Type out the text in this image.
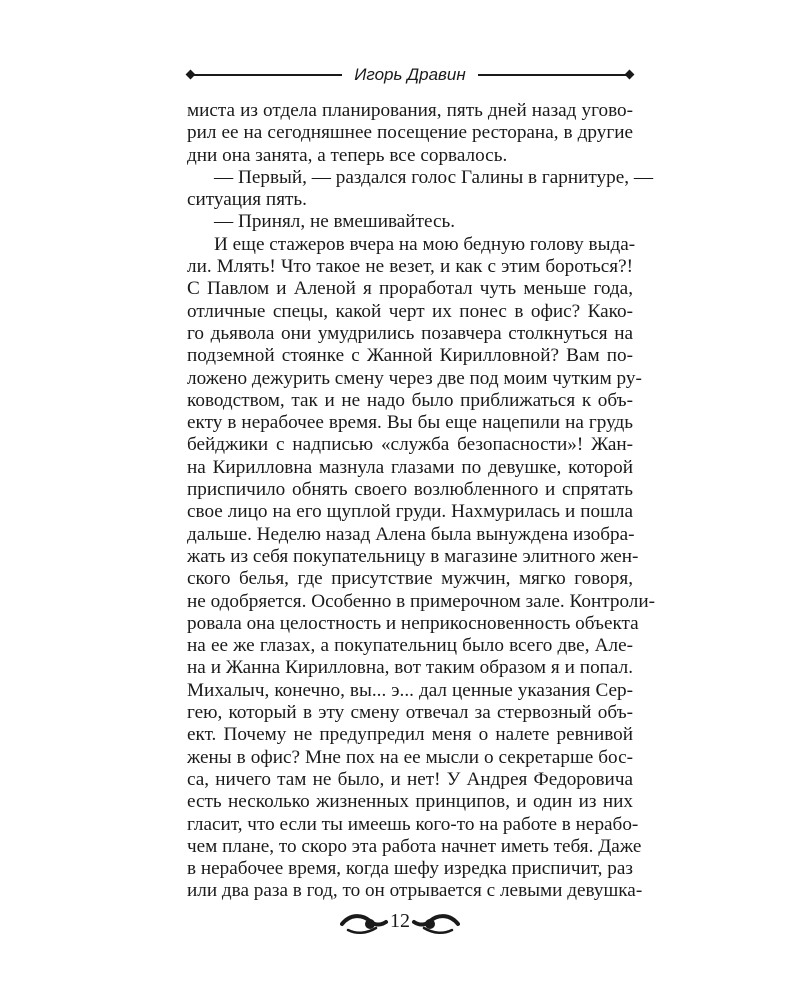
Игорь Дравин
миста из отдела планирования, пять дней назад угово-
рил ее на сегодняшнее посещение ресторана, в другие
дни она занята, а теперь все сорвалось.
— Первый, — раздался голос Галины в гарнитуре, —
ситуация пять.
— Принял, не вмешивайтесь.
И еще стажеров вчера на мою бедную голову выда-
ли. Млять! Что такое не везет, и как с этим бороться?!
С Павлом и Аленой я проработал чуть меньше года,
отличные спецы, какой черт их понес в офис? Како-
го дьявола они умудрились позавчера столкнуться на
подземной стоянке с Жанной Кирилловной? Вам по-
ложено дежурить смену через две под моим чутким ру-
ководством, так и не надо было приближаться к объ-
екту в нерабочее время. Вы бы еще нацепили на грудь
бейджики с надписью «служба безопасности»! Жан-
на Кирилловна мазнула глазами по девушке, которой
приспичило обнять своего возлюбленного и спрятать
свое лицо на его щуплой груди. Нахмурилась и пошла
дальше. Неделю назад Алена была вынуждена изобра-
жать из себя покупательницу в магазине элитного жен-
ского белья, где присутствие мужчин, мягко говоря,
не одобряется. Особенно в примерочном зале. Контроли-
ровала она целостность и неприкосновенность объекта
на ее же глазах, а покупательниц было всего две, Але-
на и Жанна Кирилловна, вот таким образом я и попал.
Михалыч, конечно, вы... э... дал ценные указания Сер-
гею, который в эту смену отвечал за стервозный объ-
ект. Почему не предупредил меня о налете ревнивой
жены в офис? Мне пох на ее мысли о секретарше бос-
са, ничего там не было, и нет! У Андрея Федоровича
есть несколько жизненных принципов, и один из них
гласит, что если ты имеешь кого-то на работе в нерабо-
чем плане, то скоро эта работа начнет иметь тебя. Даже
в нерабочее время, когда шефу изредка приспичит, раз
или два раза в год, то он отрывается с левыми девушка-
12
